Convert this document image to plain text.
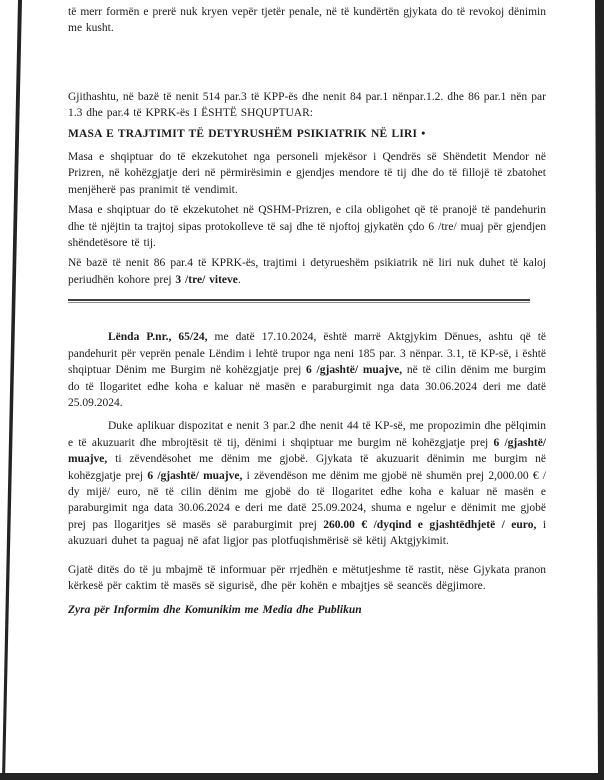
të merr formën e prerë nuk kryen vepër tjetër penale, në të kundërtën gjykata do të revokoj dënimin me kusht.

Gjithashtu, në bazë të nenit 514 par.3 të KPP-ës dhe nenit 84 par.1 nënpar.1.2. dhe 86 par.1 nën par 1.3 dhe par.4 të KPRK-ës I ËSHTË SHQUPTUAR:

MASA E TRAJTIMIT TË DETYRUSHËM PSIKIATRIK NË LIRI •

Masa e shqiptuar do të ekzekutohet nga personeli mjekësor i Qendrës së Shëndetit Mendor në Prizren, në kohëzgjatje deri në përmirësimin e gjendjes mendore të tij dhe do të fillojë të zbatohet menjëherë pas pranimit të vendimit.

Masa e shqiptuar do të ekzekutohet në QSHM-Prizren, e cila obligohet që të pranojë të pandehurin dhe të njëjtin ta trajtoj sipas protokolleve të saj dhe të njoftoj gjykatën çdo 6 /tre/ muaj për gjendjen shëndetësore të tij.

Në bazë të nenit 86 par.4 të KPRK-ës, trajtimi i detyrueshëm psikiatrik në liri nuk duhet të kaloj periudhën kohore prej 3 /tre/ viteve.

Lënda P.nr., 65/24, me datë 17.10.2024, është marrë Aktgjykim Dënues, ashtu që të pandehurit për veprën penale Lëndim i lehtë trupor nga neni 185 par. 3 nënpar. 3.1, të KP-së, i është shqiptuar Dënim me Burgim në kohëzgjatje prej 6 /gjashtë/ muajve, në të cilin dënim me burgim do të llogaritet edhe koha e kaluar në masën e paraburgimit nga data 30.06.2024 deri me datë 25.09.2024.

Duke aplikuar dispozitat e nenit 3 par.2 dhe nenit 44 të KP-së, me propozimin dhe pëlqimin e të akuzuarit dhe mbrojtësit të tij, dënimi i shqiptuar me burgim në kohëzgjatje prej 6 /gjashtë/ muajve, ti zëvendësohet me dënim me gjobë. Gjykata të akuzuarit dënimin me burgim në kohëzgjatje prej 6 /gjashtë/ muajve, i zëvendëson me dënim me gjobë në shumën prej 2,000.00 € / dy mijë/ euro, në të cilin dënim me gjobë do të llogaritet edhe koha e kaluar në masën e paraburgimit nga data 30.06.2024 e deri me datë 25.09.2024, shuma e ngelur e dënimit me gjobë prej pas llogaritjes së masës së paraburgimit prej 260.00 € /dyqind e gjashtëdhjetë / euro, i akuzuari duhet ta paguaj në afat ligjor pas plotfuqishmërisë së këtij Aktgjykimit.

Gjatë ditës do të ju mbajmë të informuar për rrjedhën e mëtutjeshme të rastit, nëse Gjykata pranon kërkesë për caktim të masës së sigurisë, dhe për kohën e mbajtjes së seancës dëgjimore.

Zyra për Informim dhe Komunikim me Media dhe Publikun
